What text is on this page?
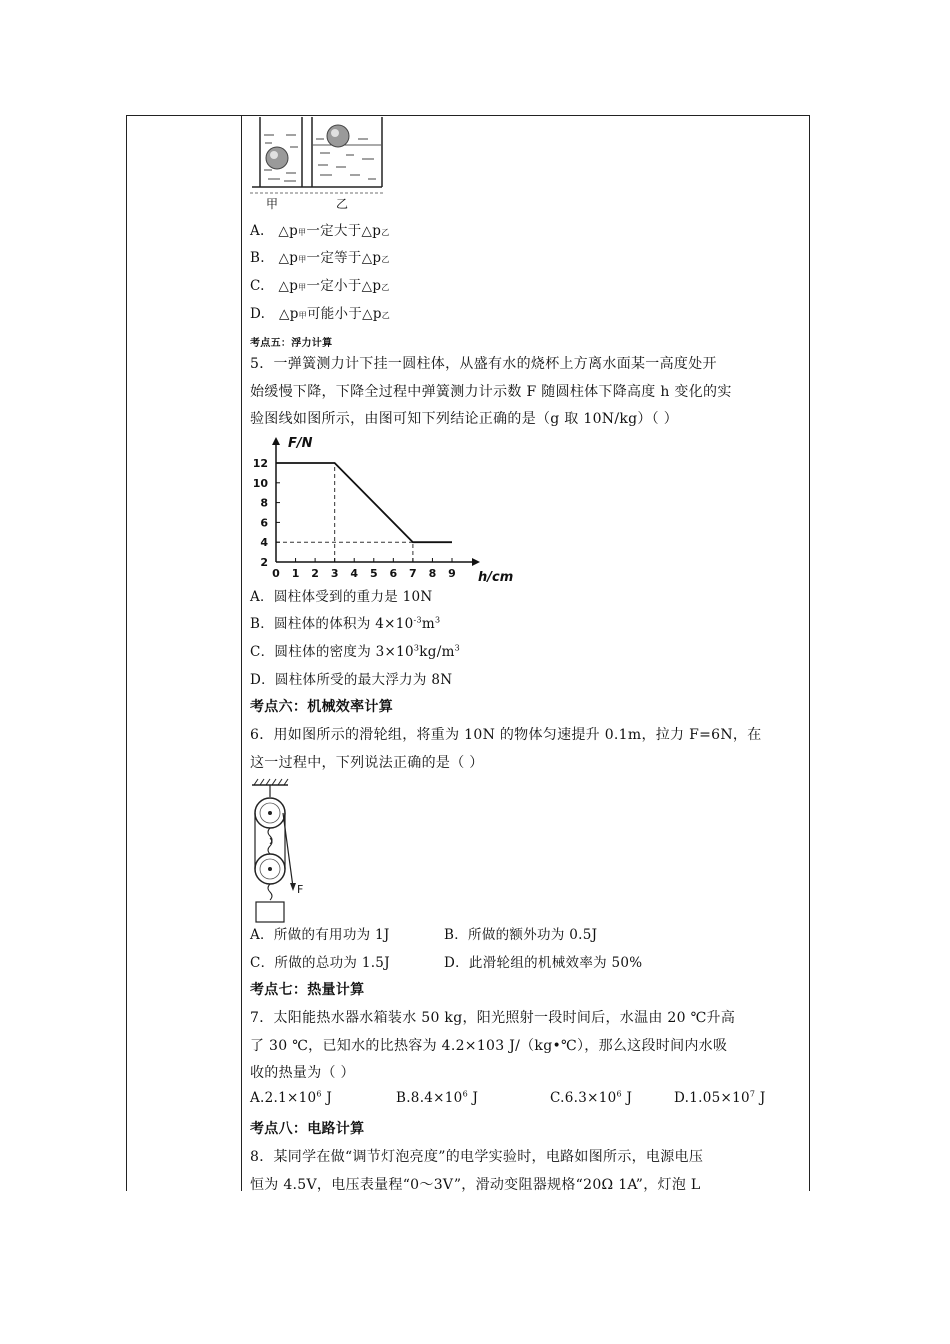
甲	乙
A. △p甲一定大于△p乙
B. △p甲一定等于△p乙
C. △p甲一定小于△p乙
D. △p甲可能小于△p乙
考点五：浮力计算
5．一弹簧测力计下挂一圆柱体，从盛有水的烧杯上方离水面某一高度处开
始缓慢下降，下降全过程中弹簧测力计示数 F 随圆柱体下降高度 h 变化的实
验图线如图所示，由图可知下列结论正确的是（g 取 10N/kg）（ ）
0 1 2 3 4 5 6 7 8 9
2
4
6
8
10
12
F/N
h/cm
A．圆柱体受到的重力是 10N
B．圆柱体的体积为 $4\times 10^{-3}m^3$
C．圆柱体的密度为 $3\times 10^3kg/m^3$
D．圆柱体所受的最大浮力为 8N
考点六：机械效率计算
6．用如图所示的滑轮组，将重为 10N 的物体匀速提升 0.1m，拉力 F=6N，在
这一过程中，下列说法正确的是（ ）
F
A．所做的有用功为 1J	B．所做的额外功为 0.5J
C．所做的总功为 1.5J	D．此滑轮组的机械效率为 50%
考点七：热量计算
7．太阳能热水器水箱装水 50 kg，阳光照射一段时间后，水温由 20 ℃升高
了 30 ℃，已知水的比热容为 4.2×103 J/（kg•℃），那么这段时间内水吸
收的热量为（ ）
$A.2.1\times 10^6$ J	$B.8.4\times 10^6$ J	$C.6.3\times 10^6$ J	$D.1.05\times 10^7$ J
考点八：电路计算
8．某同学在做“调节灯泡亮度”的电学实验时，电路如图所示，电源电压
恒为 4.5V，电压表量程“0～3V”，滑动变阻器规格“20Ω 1A”，灯泡 L
